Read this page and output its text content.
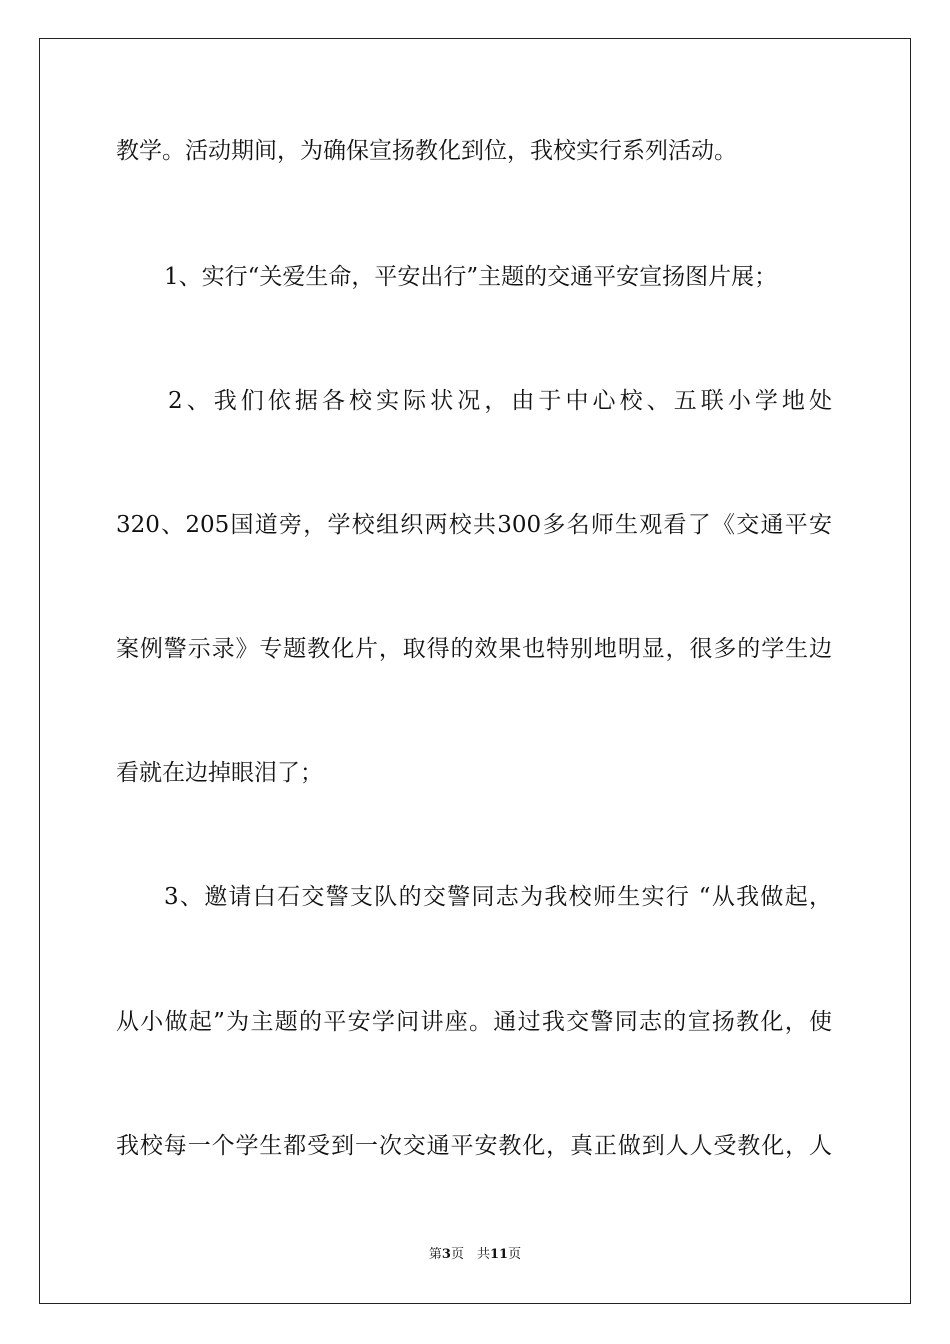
教学。活动期间，为确保宣扬教化到位，我校实行系列活动。
1、实行“关爱生命，平安出行”主题的交通平安宣扬图片展；
2、我们依据各校实际状况，由于中心校、五联小学地处
320、205国道旁，学校组织两校共300多名师生观看了《交通平安
案例警示录》专题教化片，取得的效果也特别地明显，很多的学生边
看就在边掉眼泪了；
3、邀请白石交警支队的交警同志为我校师生实行 “从我做起，
从小做起”为主题的平安学问讲座。通过我交警同志的宣扬教化，使
我校每一个学生都受到一次交通平安教化，真正做到人人受教化，人
第3页　共11页
